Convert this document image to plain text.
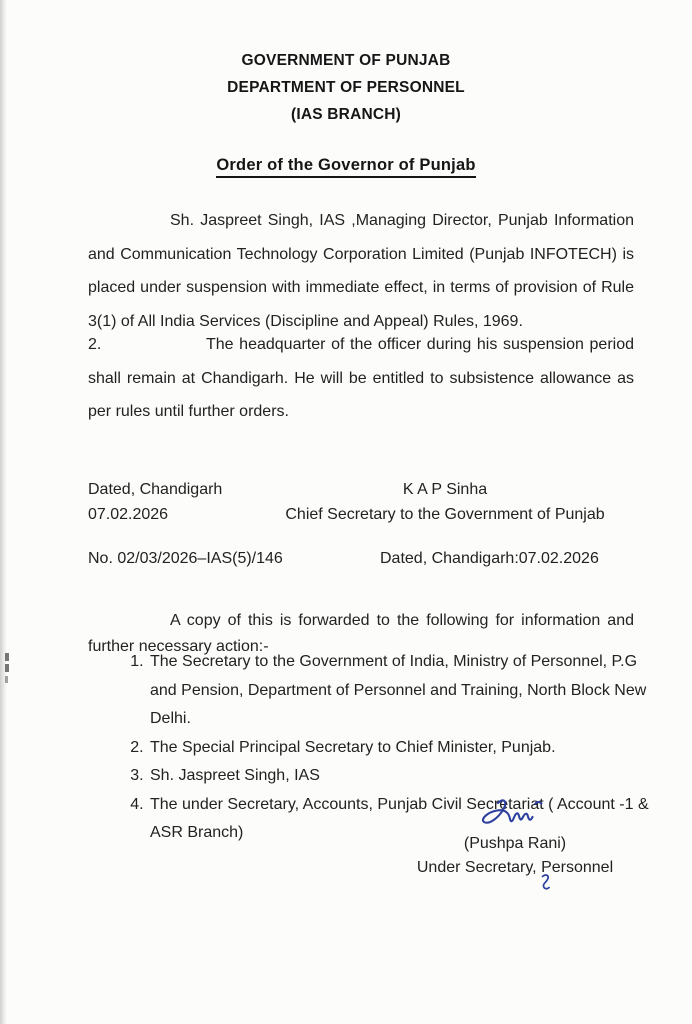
GOVERNMENT OF PUNJAB
DEPARTMENT OF PERSONNEL
(IAS BRANCH)
Order of the Governor of Punjab

Sh. Jaspreet Singh, IAS ,Managing Director, Punjab Information and Communication Technology Corporation Limited (Punjab INFOTECH) is placed under suspension with immediate effect, in terms of provision of Rule 3(1) of All India Services (Discipline and Appeal) Rules, 1969.

2.	The headquarter of the officer during his suspension period shall remain at Chandigarh. He will be entitled to subsistence allowance as per rules until further orders.
Dated, Chandigarh
07.02.2026
K A P Sinha
Chief Secretary to the Government of Punjab
No. 02/03/2026–IAS(5)/146	Dated, Chandigarh:07.02.2026

A copy of this is forwarded to the following for information and further necessary action:-

1. The Secretary to the Government of India, Ministry of Personnel, P.G and Pension, Department of Personnel and Training, North Block New Delhi.
2. The Special Principal Secretary to Chief Minister, Punjab.
3. Sh. Jaspreet Singh, IAS
4. The under Secretary, Accounts, Punjab Civil Secretariat ( Account -1 & ASR Branch)
(Pushpa Rani)
Under Secretary, Personnel
